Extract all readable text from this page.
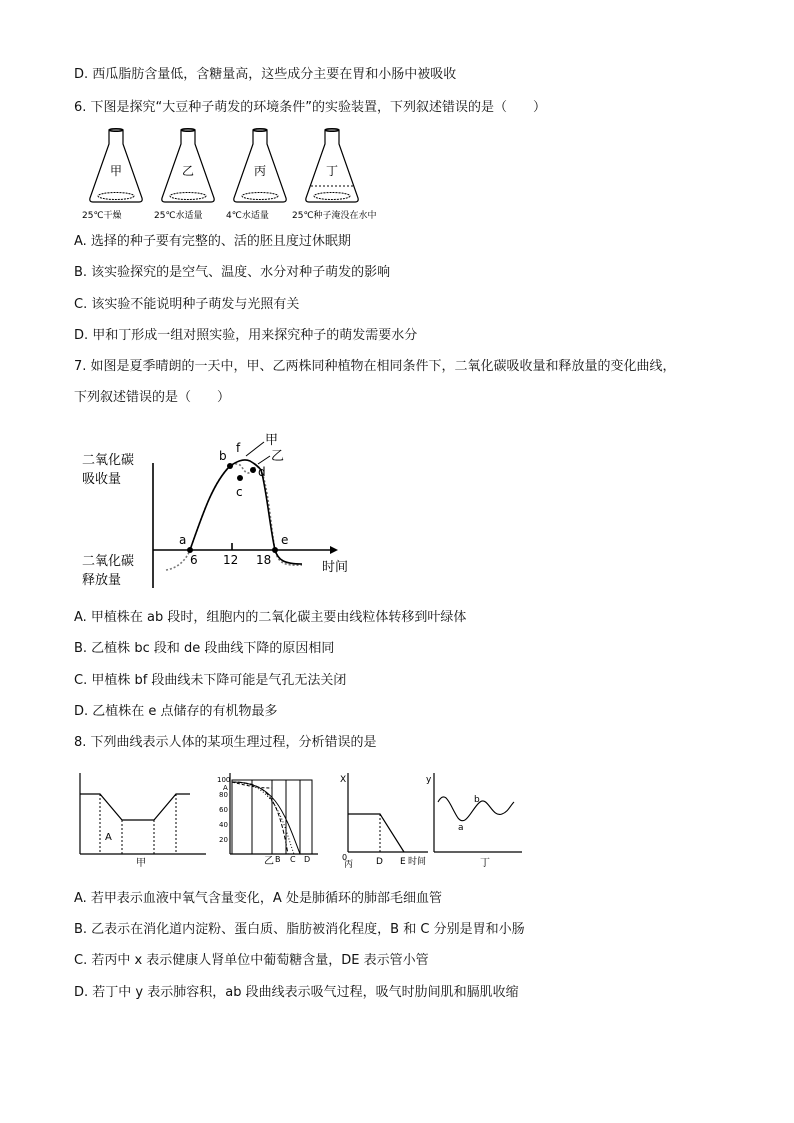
D. 西瓜脂肪含量低，含糖量高，这些成分主要在胃和小肠中被吸收
6. 下图是探究“大豆种子萌发的环境条件”的实验装置，下列叙述错误的是（　　）
甲
25℃干燥
乙
25℃水适量
丙
4℃水适量
丁
25℃种子淹没在水中
A. 选择的种子要有完整的、活的胚且度过休眠期
B. 该实验探究的是空气、温度、水分对种子萌发的影响
C. 该实验不能说明种子萌发与光照有关
D. 甲和丁形成一组对照实验，用来探究种子的萌发需要水分
7. 如图是夏季晴朗的一天中，甲、乙两株同种植物在相同条件下，二氧化碳吸收量和释放量的变化曲线，
下列叙述错误的是（　　）
二氧化碳
吸收量
二氧化碳
释放量
时间
6 12 18
a
b
c
d
e
f 甲
乙
A. 甲植株在 ab 段时，组胞内的二氧化碳主要由线粒体转移到叶绿体
B. 乙植株 bc 段和 de 段曲线下降的原因相同
C. 甲植株 bf 段曲线未下降可能是气孔无法关闭
D. 乙植株在 e 点储存的有机物最多
8. 下列曲线表示人体的某项生理过程，分析错误的是
A
甲
100
80
60
40
20
乙 B C D
A
X
0	D E 时间
丙
y
a
b
丁
A. 若甲表示血液中氧气含量变化，A 处是肺循环的肺部毛细血管
B. 乙表示在消化道内淀粉、蛋白质、脂肪被消化程度，B 和 C 分别是胃和小肠
C. 若丙中 x 表示健康人肾单位中葡萄糖含量，DE 表示管小管
D. 若丁中 y 表示肺容积，ab 段曲线表示吸气过程，吸气时肋间肌和膈肌收缩
